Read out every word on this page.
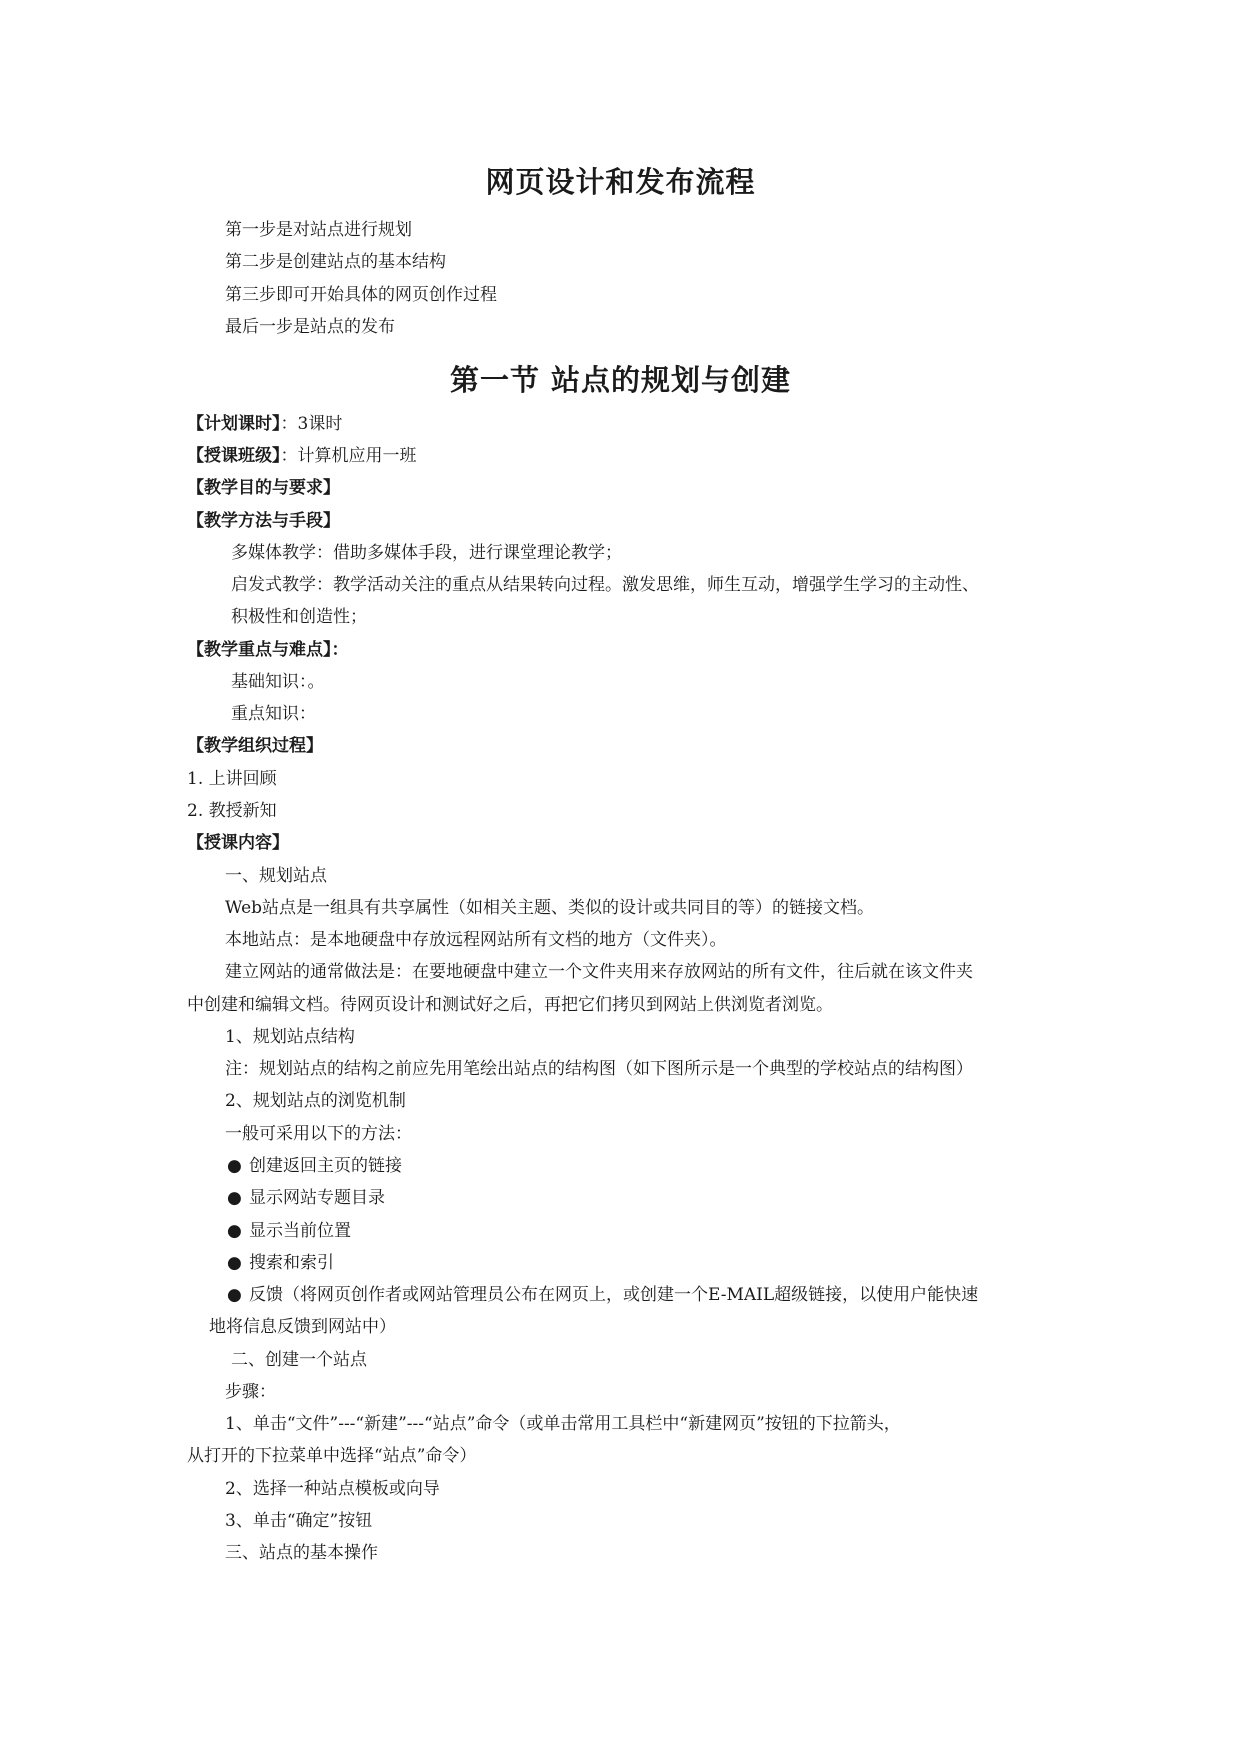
网页设计和发布流程
第一步是对站点进行规划
第二步是创建站点的基本结构
第三步即可开始具体的网页创作过程
最后一步是站点的发布
第一节 站点的规划与创建
【计划课时】：3课时
【授课班级】：计算机应用一班
【教学目的与要求】
【教学方法与手段】
多媒体教学：借助多媒体手段，进行课堂理论教学；
启发式教学：教学活动关注的重点从结果转向过程。激发思维，师生互动，增强学生学习的主动性、
积极性和创造性；
【教学重点与难点】：
基础知识：。
重点知识：
【教学组织过程】
1. 上讲回顾
2. 教授新知
【授课内容】
一、规划站点
Web站点是一组具有共享属性（如相关主题、类似的设计或共同目的等）的链接文档。
本地站点：是本地硬盘中存放远程网站所有文档的地方（文件夹）。
建立网站的通常做法是：在要地硬盘中建立一个文件夹用来存放网站的所有文件，往后就在该文件夹
中创建和编辑文档。待网页设计和测试好之后，再把它们拷贝到网站上供浏览者浏览。
1、规划站点结构
注：规划站点的结构之前应先用笔绘出站点的结构图（如下图所示是一个典型的学校站点的结构图）
2、规划站点的浏览机制
一般可采用以下的方法：
● 创建返回主页的链接
● 显示网站专题目录
● 显示当前位置
● 搜索和索引
● 反馈（将网页创作者或网站管理员公布在网页上，或创建一个E-MAIL超级链接，以使用户能快速
地将信息反馈到网站中）
二、创建一个站点
步骤：
1、单击“文件”---“新建”---“站点”命令（或单击常用工具栏中“新建网页”按钮的下拉箭头，
从打开的下拉菜单中选择“站点”命令）
2、选择一种站点模板或向导
3、单击“确定”按钮
三、站点的基本操作
